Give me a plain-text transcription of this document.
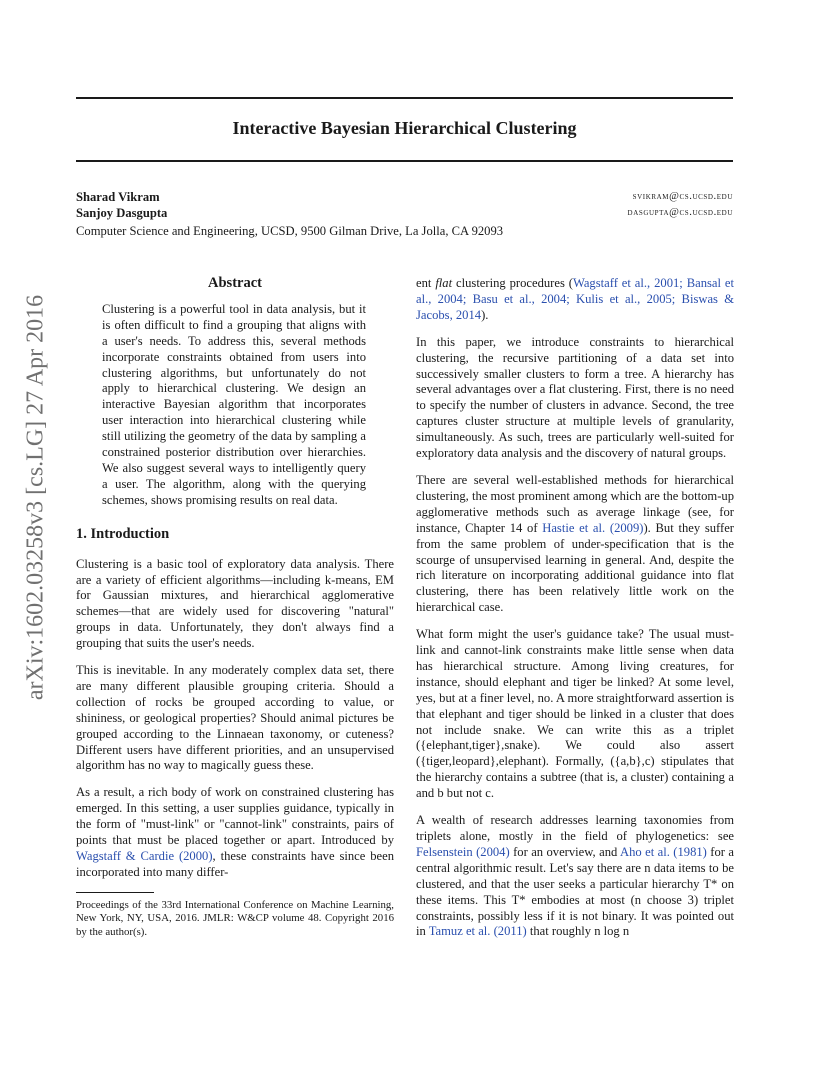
Interactive Bayesian Hierarchical Clustering
Sharad Vikram	svikram@cs.ucsd.edu
Sanjoy Dasgupta	dasgupta@cs.ucsd.edu
Computer Science and Engineering, UCSD, 9500 Gilman Drive, La Jolla, CA 92093
arXiv:1602.03258v3 [cs.LG] 27 Apr 2016
Abstract
Clustering is a powerful tool in data analysis, but it is often difficult to find a grouping that aligns with a user's needs. To address this, several methods incorporate constraints obtained from users into clustering algorithms, but unfortunately do not apply to hierarchical clustering. We design an interactive Bayesian algorithm that incorporates user interaction into hierarchical clustering while still utilizing the geometry of the data by sampling a constrained posterior distribution over hierarchies. We also suggest several ways to intelligently query a user. The algorithm, along with the querying schemes, shows promising results on real data.
1. Introduction

Clustering is a basic tool of exploratory data analysis. There are a variety of efficient algorithms—including k-means, EM for Gaussian mixtures, and hierarchical agglomerative schemes—that are widely used for discovering "natural" groups in data. Unfortunately, they don't always find a grouping that suits the user's needs.

This is inevitable. In any moderately complex data set, there are many different plausible grouping criteria. Should a collection of rocks be grouped according to value, or shininess, or geological properties? Should animal pictures be grouped according to the Linnaean taxonomy, or cuteness? Different users have different priorities, and an unsupervised algorithm has no way to magically guess these.

As a result, a rich body of work on constrained clustering has emerged. In this setting, a user supplies guidance, typically in the form of "must-link" or "cannot-link" constraints, pairs of points that must be placed together or apart. Introduced by Wagstaff & Cardie (2000), these constraints have since been incorporated into many differ-

Proceedings of the 33rd International Conference on Machine Learning, New York, NY, USA, 2016. JMLR: W&CP volume 48. Copyright 2016 by the author(s).

ent flat clustering procedures (Wagstaff et al., 2001; Bansal et al., 2004; Basu et al., 2004; Kulis et al., 2005; Biswas & Jacobs, 2014).

In this paper, we introduce constraints to hierarchical clustering, the recursive partitioning of a data set into successively smaller clusters to form a tree. A hierarchy has several advantages over a flat clustering. First, there is no need to specify the number of clusters in advance. Second, the tree captures cluster structure at multiple levels of granularity, simultaneously. As such, trees are particularly well-suited for exploratory data analysis and the discovery of natural groups.

There are several well-established methods for hierarchical clustering, the most prominent among which are the bottom-up agglomerative methods such as average linkage (see, for instance, Chapter 14 of Hastie et al. (2009)). But they suffer from the same problem of under-specification that is the scourge of unsupervised learning in general. And, despite the rich literature on incorporating additional guidance into flat clustering, there has been relatively little work on the hierarchical case.

What form might the user's guidance take? The usual must-link and cannot-link constraints make little sense when data has hierarchical structure. Among living creatures, for instance, should elephant and tiger be linked? At some level, yes, but at a finer level, no. A more straightforward assertion is that elephant and tiger should be linked in a cluster that does not include snake. We can write this as a triplet ({elephant,tiger},snake). We could also assert ({tiger,leopard},elephant). Formally, ({a,b},c) stipulates that the hierarchy contains a subtree (that is, a cluster) containing a and b but not c.

A wealth of research addresses learning taxonomies from triplets alone, mostly in the field of phylogenetics: see Felsenstein (2004) for an overview, and Aho et al. (1981) for a central algorithmic result. Let's say there are n data items to be clustered, and that the user seeks a particular hierarchy T* on these items. This T* embodies at most (n choose 3) triplet constraints, possibly less if it is not binary. It was pointed out in Tamuz et al. (2011) that roughly n log n
